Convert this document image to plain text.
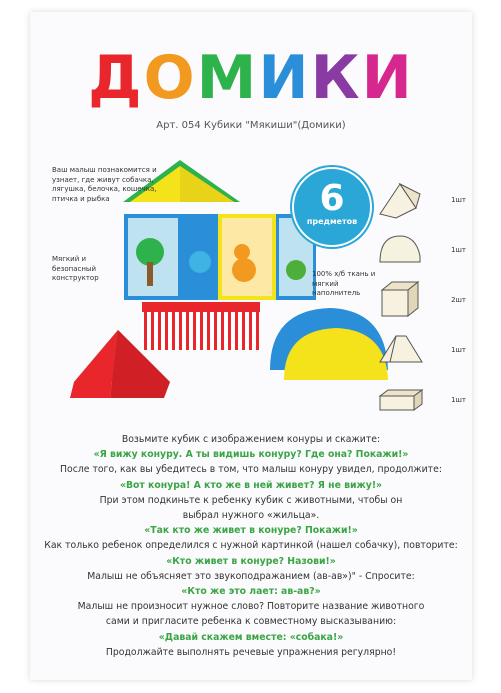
ДОМИКИ
Арт. 054 Кубики "Мякиши"(Домики)
Ваш малыш познакомится и узнает, где живут собачка, лягушка, белочка, кошечка, птичка и рыбка
Мягкий и безопасный конструктор	100% х/б ткань и мягкий наполнитель
6
предметов
1шт
1шт
2шт
1шт
1шт

Возьмите кубик с изображением конуры и скажите:

«Я вижу конуру. А ты видишь конуру? Где она? Покажи!»

После того, как вы убедитесь в том, что малыш конуру увидел, продолжите:

«Вот конура! А кто же в ней живет? Я не вижу!»

При этом подкиньте к ребенку кубик с животными, чтобы он

выбрал нужного «жильца».

«Так кто же живет в конуре? Покажи!»

Как только ребенок определился с нужной картинкой (нашел собачку), повторите:

«Кто живет в конуре? Назови!»

Малыш не объясняет это звукоподражанием (ав-ав»)" - Спросите:

«Кто же это лает: ав-ав?»

Малыш не произносит нужное слово? Повторите название животного

сами и пригласите ребенка к совместному высказыванию:

«Давай скажем вместе: «собака!»

Продолжайте выполнять речевые упражнения регулярно!
